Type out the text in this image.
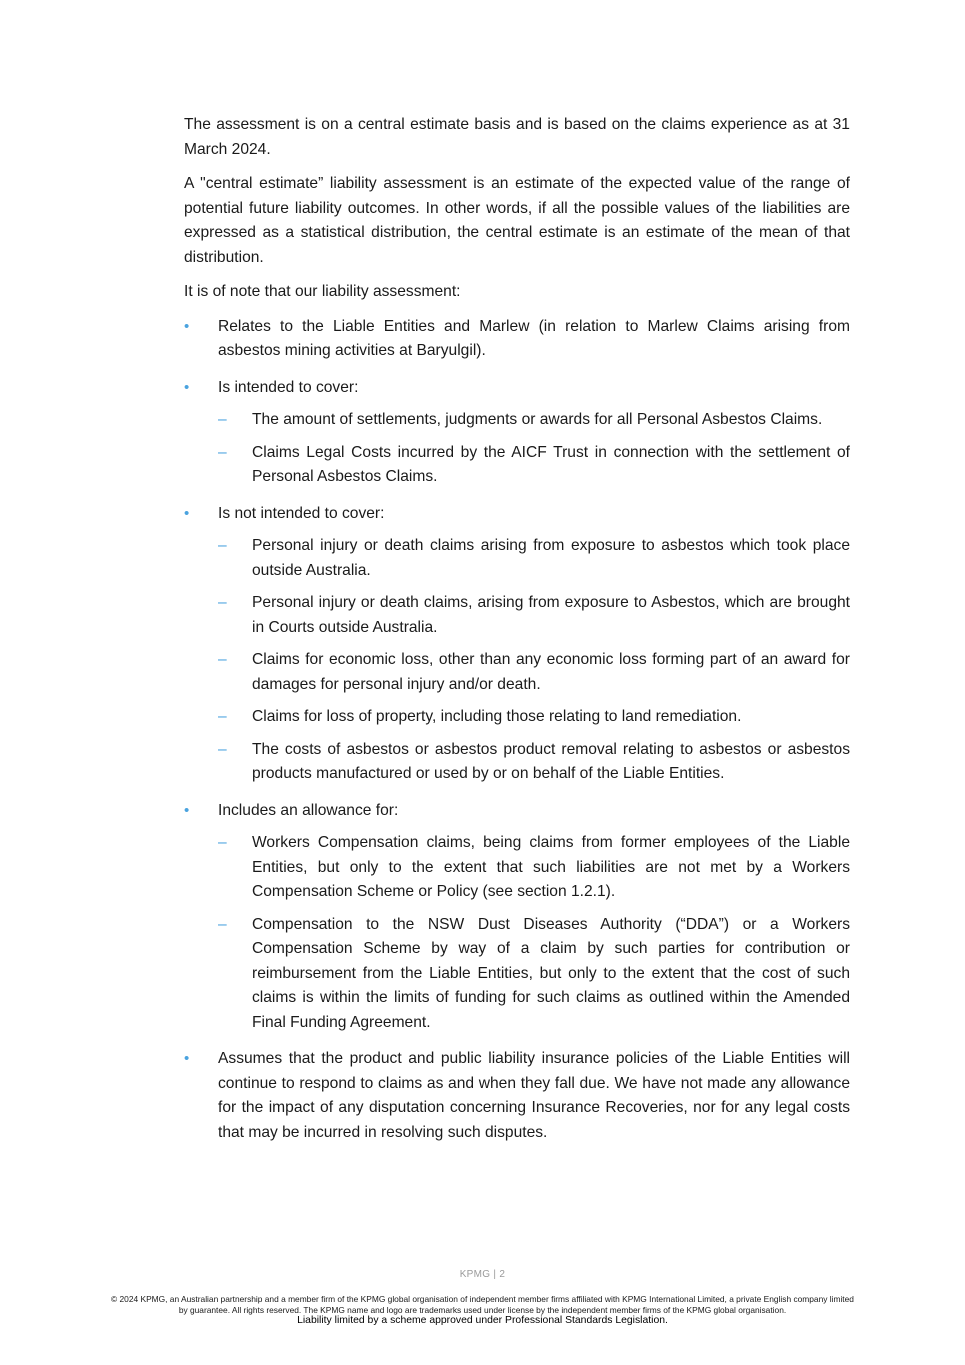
The assessment is on a central estimate basis and is based on the claims experience as at 31 March 2024.

A "central estimate” liability assessment is an estimate of the expected value of the range of potential future liability outcomes. In other words, if all the possible values of the liabilities are expressed as a statistical distribution, the central estimate is an estimate of the mean of that distribution.

It is of note that our liability assessment:

•	Relates to the Liable Entities and Marlew (in relation to Marlew Claims arising from asbestos mining activities at Baryulgil).
•	Is intended to cover:
– The amount of settlements, judgments or awards for all Personal Asbestos Claims.
– Claims Legal Costs incurred by the AICF Trust in connection with the settlement of Personal Asbestos Claims.
•	Is not intended to cover:
– Personal injury or death claims arising from exposure to asbestos which took place outside Australia.
– Personal injury or death claims, arising from exposure to Asbestos, which are brought in Courts outside Australia.
– Claims for economic loss, other than any economic loss forming part of an award for damages for personal injury and/or death.
– Claims for loss of property, including those relating to land remediation.
– The costs of asbestos or asbestos product removal relating to asbestos or asbestos products manufactured or used by or on behalf of the Liable Entities.
•	Includes an allowance for:
– Workers Compensation claims, being claims from former employees of the Liable Entities, but only to the extent that such liabilities are not met by a Workers Compensation Scheme or Policy (see section 1.2.1).
– Compensation to the NSW Dust Diseases Authority (“DDA”) or a Workers Compensation Scheme by way of a claim by such parties for contribution or reimbursement from the Liable Entities, but only to the extent that the cost of such claims is within the limits of funding for such claims as outlined within the Amended Final Funding Agreement.
•	Assumes that the product and public liability insurance policies of the Liable Entities will continue to respond to claims as and when they fall due. We have not made any allowance for the impact of any disputation concerning Insurance Recoveries, nor for any legal costs that may be incurred in resolving such disputes.
KPMG | 2
© 2024 KPMG, an Australian partnership and a member firm of the KPMG global organisation of independent member firms affiliated with KPMG International Limited, a private English company limited by guarantee. All rights reserved. The KPMG name and logo are trademarks used under license by the independent member firms of the KPMG global organisation.
Liability limited by a scheme approved under Professional Standards Legislation.
